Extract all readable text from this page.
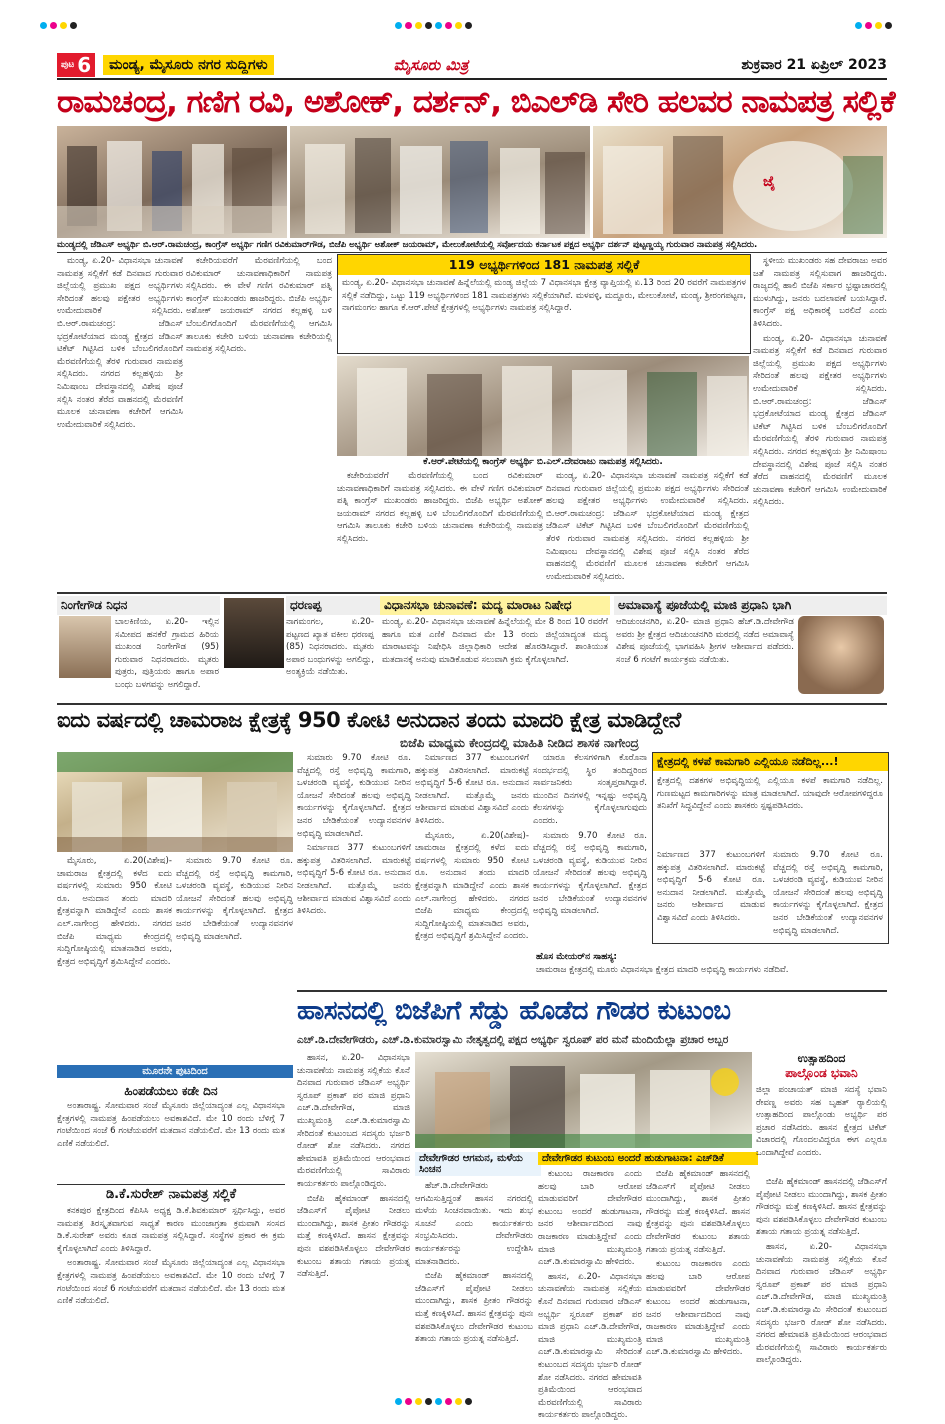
ಪುಟ 6	ಮಂಡ್ಯ, ಮೈಸೂರು ನಗರ ಸುದ್ದಿಗಳು	ಮೈಸೂರು ಮಿತ್ರ	ಶುಕ್ರವಾರ 21 ಏಪ್ರಿಲ್ 2023
ರಾಮಚಂದ್ರ, ಗಣಿಗ ರವಿ, ಅಶೋಕ್, ದರ್ಶನ್, ಬಿಎಲ್‌ಡಿ ಸೇರಿ ಹಲವರ ನಾಮಪತ್ರ ಸಲ್ಲಿಕೆ
ಜೈ
ಮಂಡ್ಯದಲ್ಲಿ ಜೆಡಿಎಸ್ ಅಭ್ಯರ್ಥಿ ಬಿ.ಆರ್.ರಾಮಚಂದ್ರ, ಕಾಂಗ್ರೆಸ್ ಅಭ್ಯರ್ಥಿ ಗಣಿಗ ರವಿಕುಮಾರ್‌ಗೌಡ, ಬಿಜೆಪಿ ಅಭ್ಯರ್ಥಿ ಅಶೋಕ್ ಜಯರಾಮ್, ಮೇಲುಕೋಟೆಯಲ್ಲಿ ಸರ್ವೋದಯ ಕರ್ನಾಟಕ ಪಕ್ಷದ ಅಭ್ಯರ್ಥಿ ದರ್ಶನ್ ಪುಟ್ಟಣ್ಣಯ್ಯ ಗುರುವಾರ ನಾಮಪತ್ರ ಸಲ್ಲಿಸಿದರು.

ಮಂಡ್ಯ, ಏ.20- ವಿಧಾನಸಭಾ ಚುನಾವಣೆ ನಾಮಪತ್ರ ಸಲ್ಲಿಕೆಗೆ ಕಡೆ ದಿನವಾದ ಗುರುವಾರ ಜಿಲ್ಲೆಯಲ್ಲಿ ಪ್ರಮುಖ ಪಕ್ಷದ ಅಭ್ಯರ್ಥಿಗಳು ಸೇರಿದಂತೆ ಹಲವು ಪಕ್ಷೇತರ ಅಭ್ಯರ್ಥಿಗಳು ಉಮೇದುವಾರಿಕೆ ಸಲ್ಲಿಸಿದರು. ಬಿ.ಆರ್.ರಾಮಚಂದ್ರ: ಜೆಡಿಎಸ್ ಭದ್ರಕೋಟೆಯಾದ ಮಂಡ್ಯ ಕ್ಷೇತ್ರದ ಜೆಡಿಎಸ್ ಟಿಕೆಟ್ ಗಿಟ್ಟಿಸಿದ ಬಳಿಕ ಬೆಂಬಲಿಗರೊಂದಿಗೆ ಮೆರವಣಿಗೆಯಲ್ಲಿ ತೆರಳಿ ಗುರುವಾರ ನಾಮಪತ್ರ ಸಲ್ಲಿಸಿದರು. ನಗರದ ಕಲ್ಲಹಳ್ಳಿಯ ಶ್ರೀ ನಿಮಿಷಾಂಬ ದೇವಸ್ಥಾನದಲ್ಲಿ ವಿಶೇಷ ಪೂಜೆ ಸಲ್ಲಿಸಿ ನಂತರ ತೆರೆದ ವಾಹನದಲ್ಲಿ ಮೆರವಣಿಗೆ ಮೂಲಕ ಚುನಾವಣಾ ಕಚೇರಿಗೆ ಆಗಮಿಸಿ ಉಮೇದುವಾರಿಕೆ ಸಲ್ಲಿಸಿದರು.

ಕಚೇರಿಯವರೆಗೆ ಮೆರವಣಿಗೆಯಲ್ಲಿ ಬಂದ ರವಿಕುಮಾರ್ ಚುನಾವಣಾಧಿಕಾರಿಗೆ ನಾಮಪತ್ರ ಸಲ್ಲಿಸಿದರು. ಈ ವೇಳೆ ಗಣಿಗ ರವಿಕುಮಾರ್ ಪತ್ನಿ ಕಾಂಗ್ರೆಸ್ ಮುಖಂಡರು ಹಾಜರಿದ್ದರು. ಬಿಜೆಪಿ ಅಭ್ಯರ್ಥಿ ಅಶೋಕ್ ಜಯರಾಮ್ ನಗರದ ಕಲ್ಲಹಳ್ಳಿ ಬಳಿ ಬೆಂಬಲಿಗರೊಂದಿಗೆ ಮೆರವಣಿಗೆಯಲ್ಲಿ ಆಗಮಿಸಿ ತಾಲೂಕು ಕಚೇರಿ ಬಳಿಯ ಚುನಾವಣಾ ಕಚೇರಿಯಲ್ಲಿ ನಾಮಪತ್ರ ಸಲ್ಲಿಸಿದರು.

119 ಅಭ್ಯರ್ಥಿಗಳಿಂದ 181 ನಾಮಪತ್ರ ಸಲ್ಲಿಕೆ
ಮಂಡ್ಯ, ಏ.20- ವಿಧಾನಸಭಾ ಚುನಾವಣೆ ಹಿನ್ನೆಲೆಯಲ್ಲಿ ಮಂಡ್ಯ ಜಿಲ್ಲೆಯ 7 ವಿಧಾನಸಭಾ ಕ್ಷೇತ್ರ ವ್ಯಾಪ್ತಿಯಲ್ಲಿ ಏ.13 ರಿಂದ 20 ರವರೆಗೆ ನಾಮಪತ್ರಗಳ ಸಲ್ಲಿಕೆ ನಡೆದಿದ್ದು, ಒಟ್ಟು 119 ಅಭ್ಯರ್ಥಿಗಳಿಂದ 181 ನಾಮಪತ್ರಗಳು ಸಲ್ಲಿಕೆಯಾಗಿವೆ. ಮಳವಳ್ಳಿ, ಮದ್ದೂರು, ಮೇಲುಕೋಟೆ, ಮಂಡ್ಯ, ಶ್ರೀರಂಗಪಟ್ಟಣ, ನಾಗಮಂಗಲ ಹಾಗೂ ಕೆ.ಆರ್.ಪೇಟೆ ಕ್ಷೇತ್ರಗಳಲ್ಲಿ ಅಭ್ಯರ್ಥಿಗಳು ನಾಮಪತ್ರ ಸಲ್ಲಿಸಿದ್ದಾರೆ.
ಕೆ.ಆರ್.ಪೇಟೆಯಲ್ಲಿ ಕಾಂಗ್ರೆಸ್ ಅಭ್ಯರ್ಥಿ ಬಿ.ಎಲ್.ದೇವರಾಜು ನಾಮಪತ್ರ ಸಲ್ಲಿಸಿದರು.

ಕಚೇರಿಯವರೆಗೆ ಮೆರವಣಿಗೆಯಲ್ಲಿ ಬಂದ ರವಿಕುಮಾರ್ ಚುನಾವಣಾಧಿಕಾರಿಗೆ ನಾಮಪತ್ರ ಸಲ್ಲಿಸಿದರು. ಈ ವೇಳೆ ಗಣಿಗ ರವಿಕುಮಾರ್ ಪತ್ನಿ ಕಾಂಗ್ರೆಸ್ ಮುಖಂಡರು ಹಾಜರಿದ್ದರು. ಬಿಜೆಪಿ ಅಭ್ಯರ್ಥಿ ಅಶೋಕ್ ಜಯರಾಮ್ ನಗರದ ಕಲ್ಲಹಳ್ಳಿ ಬಳಿ ಬೆಂಬಲಿಗರೊಂದಿಗೆ ಮೆರವಣಿಗೆಯಲ್ಲಿ ಆಗಮಿಸಿ ತಾಲೂಕು ಕಚೇರಿ ಬಳಿಯ ಚುನಾವಣಾ ಕಚೇರಿಯಲ್ಲಿ ನಾಮಪತ್ರ ಸಲ್ಲಿಸಿದರು.

ಮಂಡ್ಯ, ಏ.20- ವಿಧಾನಸಭಾ ಚುನಾವಣೆ ನಾಮಪತ್ರ ಸಲ್ಲಿಕೆಗೆ ಕಡೆ ದಿನವಾದ ಗುರುವಾರ ಜಿಲ್ಲೆಯಲ್ಲಿ ಪ್ರಮುಖ ಪಕ್ಷದ ಅಭ್ಯರ್ಥಿಗಳು ಸೇರಿದಂತೆ ಹಲವು ಪಕ್ಷೇತರ ಅಭ್ಯರ್ಥಿಗಳು ಉಮೇದುವಾರಿಕೆ ಸಲ್ಲಿಸಿದರು. ಬಿ.ಆರ್.ರಾಮಚಂದ್ರ: ಜೆಡಿಎಸ್ ಭದ್ರಕೋಟೆಯಾದ ಮಂಡ್ಯ ಕ್ಷೇತ್ರದ ಜೆಡಿಎಸ್ ಟಿಕೆಟ್ ಗಿಟ್ಟಿಸಿದ ಬಳಿಕ ಬೆಂಬಲಿಗರೊಂದಿಗೆ ಮೆರವಣಿಗೆಯಲ್ಲಿ ತೆರಳಿ ಗುರುವಾರ ನಾಮಪತ್ರ ಸಲ್ಲಿಸಿದರು. ನಗರದ ಕಲ್ಲಹಳ್ಳಿಯ ಶ್ರೀ ನಿಮಿಷಾಂಬ ದೇವಸ್ಥಾನದಲ್ಲಿ ವಿಶೇಷ ಪೂಜೆ ಸಲ್ಲಿಸಿ ನಂತರ ತೆರೆದ ವಾಹನದಲ್ಲಿ ಮೆರವಣಿಗೆ ಮೂಲಕ ಚುನಾವಣಾ ಕಚೇರಿಗೆ ಆಗಮಿಸಿ ಉಮೇದುವಾರಿಕೆ ಸಲ್ಲಿಸಿದರು.

ಸ್ಥಳೀಯ ಮುಖಂಡರು ಸಹ ದೇವರಾಜು ಅವರ ಜತೆ ನಾಮಪತ್ರ ಸಲ್ಲಿಸುವಾಗ ಹಾಜರಿದ್ದರು. ರಾಜ್ಯದಲ್ಲಿ ಹಾಲಿ ಬಿಜೆಪಿ ಸರ್ಕಾರ ಭ್ರಷ್ಟಾಚಾರದಲ್ಲಿ ಮುಳುಗಿದ್ದು, ಜನರು ಬದಲಾವಣೆ ಬಯಸಿದ್ದಾರೆ. ಕಾಂಗ್ರೆಸ್ ಪಕ್ಷ ಅಧಿಕಾರಕ್ಕೆ ಬರಲಿದೆ ಎಂದು ತಿಳಿಸಿದರು.

ಮಂಡ್ಯ, ಏ.20- ವಿಧಾನಸಭಾ ಚುನಾವಣೆ ನಾಮಪತ್ರ ಸಲ್ಲಿಕೆಗೆ ಕಡೆ ದಿನವಾದ ಗುರುವಾರ ಜಿಲ್ಲೆಯಲ್ಲಿ ಪ್ರಮುಖ ಪಕ್ಷದ ಅಭ್ಯರ್ಥಿಗಳು ಸೇರಿದಂತೆ ಹಲವು ಪಕ್ಷೇತರ ಅಭ್ಯರ್ಥಿಗಳು ಉಮೇದುವಾರಿಕೆ ಸಲ್ಲಿಸಿದರು. ಬಿ.ಆರ್.ರಾಮಚಂದ್ರ: ಜೆಡಿಎಸ್ ಭದ್ರಕೋಟೆಯಾದ ಮಂಡ್ಯ ಕ್ಷೇತ್ರದ ಜೆಡಿಎಸ್ ಟಿಕೆಟ್ ಗಿಟ್ಟಿಸಿದ ಬಳಿಕ ಬೆಂಬಲಿಗರೊಂದಿಗೆ ಮೆರವಣಿಗೆಯಲ್ಲಿ ತೆರಳಿ ಗುರುವಾರ ನಾಮಪತ್ರ ಸಲ್ಲಿಸಿದರು. ನಗರದ ಕಲ್ಲಹಳ್ಳಿಯ ಶ್ರೀ ನಿಮಿಷಾಂಬ ದೇವಸ್ಥಾನದಲ್ಲಿ ವಿಶೇಷ ಪೂಜೆ ಸಲ್ಲಿಸಿ ನಂತರ ತೆರೆದ ವಾಹನದಲ್ಲಿ ಮೆರವಣಿಗೆ ಮೂಲಕ ಚುನಾವಣಾ ಕಚೇರಿಗೆ ಆಗಮಿಸಿ ಉಮೇದುವಾರಿಕೆ ಸಲ್ಲಿಸಿದರು.

ನಿಂಗೇಗೌಡ ನಿಧನ
ಬಾಲಕಿಣಿಯ, ಏ.20- ಇಲ್ಲಿನ ಸಮೀಪದ ಹನಕೆರೆ ಗ್ರಾಮದ ಹಿರಿಯ ಮುಖಂಡ ನಿಂಗೇಗೌಡ (95) ಗುರುವಾರ ನಿಧನರಾದರು. ಮೃತರು ಪುತ್ರರು, ಪುತ್ರಿಯರು ಹಾಗೂ ಅಪಾರ ಬಂಧು ಬಳಗವನ್ನು ಅಗಲಿದ್ದಾರೆ.
ಧರಣಪ್ಪ
ನಾಗಮಂಗಲ, ಏ.20- ಪಟ್ಟಣದ ಖ್ಯಾತ ವಕೀಲ ಧರಣಪ್ಪ (85) ನಿಧನರಾದರು. ಮೃತರು ಅಪಾರ ಬಂಧುಗಳನ್ನು ಅಗಲಿದ್ದು, ಅಂತ್ಯಕ್ರಿಯೆ ನಡೆಯಿತು.
ವಿಧಾನಸಭಾ ಚುನಾವಣೆ: ಮದ್ಯ ಮಾರಾಟ ನಿಷೇಧ
ಮಂಡ್ಯ, ಏ.20- ವಿಧಾನಸಭಾ ಚುನಾವಣೆ ಹಿನ್ನೆಲೆಯಲ್ಲಿ ಮೇ 8 ರಿಂದ 10 ರವರೆಗೆ ಹಾಗೂ ಮತ ಎಣಿಕೆ ದಿನವಾದ ಮೇ 13 ರಂದು ಜಿಲ್ಲೆಯಾದ್ಯಂತ ಮದ್ಯ ಮಾರಾಟವನ್ನು ನಿಷೇಧಿಸಿ ಜಿಲ್ಲಾಧಿಕಾರಿ ಆದೇಶ ಹೊರಡಿಸಿದ್ದಾರೆ. ಶಾಂತಿಯುತ ಮತದಾನಕ್ಕೆ ಅನುವು ಮಾಡಿಕೊಡುವ ಸಲುವಾಗಿ ಕ್ರಮ ಕೈಗೊಳ್ಳಲಾಗಿದೆ.
ಅಮಾವಾಸ್ಯೆ ಪೂಜೆಯಲ್ಲಿ ಮಾಜಿ ಪ್ರಧಾನಿ ಭಾಗಿ
ಆದಿಚುಂಚನಗಿರಿ, ಏ.20- ಮಾಜಿ ಪ್ರಧಾನಿ ಹೆಚ್.ಡಿ.ದೇವೇಗೌಡ ಅವರು ಶ್ರೀ ಕ್ಷೇತ್ರದ ಆದಿಚುಂಚನಗಿರಿ ಮಠದಲ್ಲಿ ನಡೆದ ಅಮಾವಾಸ್ಯೆ ವಿಶೇಷ ಪೂಜೆಯಲ್ಲಿ ಭಾಗವಹಿಸಿ ಶ್ರೀಗಳ ಆಶೀರ್ವಾದ ಪಡೆದರು. ಸಂಜೆ 6 ಗಂಟೆಗೆ ಕಾರ್ಯಕ್ರಮ ನಡೆಯಿತು.
ಐದು ವರ್ಷದಲ್ಲಿ ಚಾಮರಾಜ ಕ್ಷೇತ್ರಕ್ಕೆ 950 ಕೋಟಿ ಅನುದಾನ ತಂದು ಮಾದರಿ ಕ್ಷೇತ್ರ ಮಾಡಿದ್ದೇನೆ
ಬಿಜೆಪಿ ಮಾಧ್ಯಮ ಕೇಂದ್ರದಲ್ಲಿ ಮಾಹಿತಿ ನೀಡಿದ ಶಾಸಕ ನಾಗೇಂದ್ರ

ಮೈಸೂರು, ಏ.20(ವಿಶೇಷ)- ಚಾಮರಾಜ ಕ್ಷೇತ್ರದಲ್ಲಿ ಕಳೆದ ಐದು ವರ್ಷಗಳಲ್ಲಿ ಸುಮಾರು 950 ಕೋಟಿ ರೂ. ಅನುದಾನ ತಂದು ಮಾದರಿ ಕ್ಷೇತ್ರವನ್ನಾಗಿ ಮಾಡಿದ್ದೇನೆ ಎಂದು ಶಾಸಕ ಎಲ್.ನಾಗೇಂದ್ರ ಹೇಳಿದರು. ನಗರದ ಬಿಜೆಪಿ ಮಾಧ್ಯಮ ಕೇಂದ್ರದಲ್ಲಿ ಸುದ್ದಿಗೋಷ್ಠಿಯಲ್ಲಿ ಮಾತನಾಡಿದ ಅವರು, ಕ್ಷೇತ್ರದ ಅಭಿವೃದ್ಧಿಗೆ ಶ್ರಮಿಸಿದ್ದೇನೆ ಎಂದರು.

ಸುಮಾರು 9.70 ಕೋಟಿ ರೂ. ವೆಚ್ಚದಲ್ಲಿ ರಸ್ತೆ ಅಭಿವೃದ್ಧಿ ಕಾಮಗಾರಿ, ಒಳಚರಂಡಿ ವ್ಯವಸ್ಥೆ, ಕುಡಿಯುವ ನೀರಿನ ಯೋಜನೆ ಸೇರಿದಂತೆ ಹಲವು ಅಭಿವೃದ್ಧಿ ಕಾರ್ಯಗಳನ್ನು ಕೈಗೊಳ್ಳಲಾಗಿದೆ. ಕ್ಷೇತ್ರದ ಜನರ ಬೇಡಿಕೆಯಂತೆ ಉದ್ಯಾನವನಗಳ ಅಭಿವೃದ್ಧಿ ಮಾಡಲಾಗಿದೆ.

ಸುಮಾರು 9.70 ಕೋಟಿ ರೂ. ವೆಚ್ಚದಲ್ಲಿ ರಸ್ತೆ ಅಭಿವೃದ್ಧಿ ಕಾಮಗಾರಿ, ಒಳಚರಂಡಿ ವ್ಯವಸ್ಥೆ, ಕುಡಿಯುವ ನೀರಿನ ಯೋಜನೆ ಸೇರಿದಂತೆ ಹಲವು ಅಭಿವೃದ್ಧಿ ಕಾರ್ಯಗಳನ್ನು ಕೈಗೊಳ್ಳಲಾಗಿದೆ. ಕ್ಷೇತ್ರದ ಜನರ ಬೇಡಿಕೆಯಂತೆ ಉದ್ಯಾನವನಗಳ ಅಭಿವೃದ್ಧಿ ಮಾಡಲಾಗಿದೆ.

ನಿರ್ಮಾಣದ 377 ಕುಟುಂಬಗಳಿಗೆ ಹಕ್ಕುಪತ್ರ ವಿತರಿಸಲಾಗಿದೆ. ಮಾರುಕಟ್ಟೆ ಅಭಿವೃದ್ಧಿಗೆ 5-6 ಕೋಟಿ ರೂ. ಅನುದಾನ ನೀಡಲಾಗಿದೆ. ಮತ್ತೊಮ್ಮೆ ಜನರು ಆಶೀರ್ವಾದ ಮಾಡುವ ವಿಶ್ವಾಸವಿದೆ ಎಂದು ತಿಳಿಸಿದರು.

ನಿರ್ಮಾಣದ 377 ಕುಟುಂಬಗಳಿಗೆ ಹಕ್ಕುಪತ್ರ ವಿತರಿಸಲಾಗಿದೆ. ಮಾರುಕಟ್ಟೆ ಅಭಿವೃದ್ಧಿಗೆ 5-6 ಕೋಟಿ ರೂ. ಅನುದಾನ ನೀಡಲಾಗಿದೆ. ಮತ್ತೊಮ್ಮೆ ಜನರು ಆಶೀರ್ವಾದ ಮಾಡುವ ವಿಶ್ವಾಸವಿದೆ ಎಂದು ತಿಳಿಸಿದರು.

ಮೈಸೂರು, ಏ.20(ವಿಶೇಷ)- ಚಾಮರಾಜ ಕ್ಷೇತ್ರದಲ್ಲಿ ಕಳೆದ ಐದು ವರ್ಷಗಳಲ್ಲಿ ಸುಮಾರು 950 ಕೋಟಿ ರೂ. ಅನುದಾನ ತಂದು ಮಾದರಿ ಕ್ಷೇತ್ರವನ್ನಾಗಿ ಮಾಡಿದ್ದೇನೆ ಎಂದು ಶಾಸಕ ಎಲ್.ನಾಗೇಂದ್ರ ಹೇಳಿದರು. ನಗರದ ಬಿಜೆಪಿ ಮಾಧ್ಯಮ ಕೇಂದ್ರದಲ್ಲಿ ಸುದ್ದಿಗೋಷ್ಠಿಯಲ್ಲಿ ಮಾತನಾಡಿದ ಅವರು, ಕ್ಷೇತ್ರದ ಅಭಿವೃದ್ಧಿಗೆ ಶ್ರಮಿಸಿದ್ದೇನೆ ಎಂದರು.

ಯಾರೂ ಕೆಲಸಗಳಿಗಾಗಿ ಕೊರೊನಾ ಸಂದರ್ಭದಲ್ಲಿ ಸ್ಥಿರ ತಂದಿದ್ದರಿಂದ ಸಾರ್ವಜನಿಕರು ಸಂತೃಪ್ತರಾಗಿದ್ದಾರೆ. ಮುಂದಿನ ದಿನಗಳಲ್ಲಿ ಇನ್ನಷ್ಟು ಅಭಿವೃದ್ಧಿ ಕೆಲಸಗಳನ್ನು ಕೈಗೊಳ್ಳಲಾಗುವುದು ಎಂದರು.

ಸುಮಾರು 9.70 ಕೋಟಿ ರೂ. ವೆಚ್ಚದಲ್ಲಿ ರಸ್ತೆ ಅಭಿವೃದ್ಧಿ ಕಾಮಗಾರಿ, ಒಳಚರಂಡಿ ವ್ಯವಸ್ಥೆ, ಕುಡಿಯುವ ನೀರಿನ ಯೋಜನೆ ಸೇರಿದಂತೆ ಹಲವು ಅಭಿವೃದ್ಧಿ ಕಾರ್ಯಗಳನ್ನು ಕೈಗೊಳ್ಳಲಾಗಿದೆ. ಕ್ಷೇತ್ರದ ಜನರ ಬೇಡಿಕೆಯಂತೆ ಉದ್ಯಾನವನಗಳ ಅಭಿವೃದ್ಧಿ ಮಾಡಲಾಗಿದೆ.

ಕ್ಷೇತ್ರದಲ್ಲಿ ಕಳಪೆ ಕಾಮಗಾರಿ ಎಲ್ಲಿಯೂ ನಡೆದಿಲ್ಲ...!
ಕ್ಷೇತ್ರದಲ್ಲಿ ದಶಕಗಳ ಅಭಿವೃದ್ಧಿಯಲ್ಲಿ ಎಲ್ಲಿಯೂ ಕಳಪೆ ಕಾಮಗಾರಿ ನಡೆದಿಲ್ಲ. ಗುಣಮಟ್ಟದ ಕಾಮಗಾರಿಗಳನ್ನು ಮಾತ್ರ ಮಾಡಲಾಗಿದೆ. ಯಾವುದೇ ಆರೋಪಗಳಿದ್ದರೂ ತನಿಖೆಗೆ ಸಿದ್ಧವಿದ್ದೇನೆ ಎಂದು ಶಾಸಕರು ಸ್ಪಷ್ಟಪಡಿಸಿದರು.
ನಿರ್ಮಾಣದ 377 ಕುಟುಂಬಗಳಿಗೆ ಹಕ್ಕುಪತ್ರ ವಿತರಿಸಲಾಗಿದೆ. ಮಾರುಕಟ್ಟೆ ಅಭಿವೃದ್ಧಿಗೆ 5-6 ಕೋಟಿ ರೂ. ಅನುದಾನ ನೀಡಲಾಗಿದೆ. ಮತ್ತೊಮ್ಮೆ ಜನರು ಆಶೀರ್ವಾದ ಮಾಡುವ ವಿಶ್ವಾಸವಿದೆ ಎಂದು ತಿಳಿಸಿದರು.
ಸುಮಾರು 9.70 ಕೋಟಿ ರೂ. ವೆಚ್ಚದಲ್ಲಿ ರಸ್ತೆ ಅಭಿವೃದ್ಧಿ ಕಾಮಗಾರಿ, ಒಳಚರಂಡಿ ವ್ಯವಸ್ಥೆ, ಕುಡಿಯುವ ನೀರಿನ ಯೋಜನೆ ಸೇರಿದಂತೆ ಹಲವು ಅಭಿವೃದ್ಧಿ ಕಾರ್ಯಗಳನ್ನು ಕೈಗೊಳ್ಳಲಾಗಿದೆ. ಕ್ಷೇತ್ರದ ಜನರ ಬೇಡಿಕೆಯಂತೆ ಉದ್ಯಾನವನಗಳ ಅಭಿವೃದ್ಧಿ ಮಾಡಲಾಗಿದೆ.
ಹೊಸ ಮೇಯರ್‌ನ ಸಾಹಸ್ಯ:
ಚಾಮರಾಜ ಕ್ಷೇತ್ರದಲ್ಲಿ ಮೂರು ವಿಧಾನಸಭಾ ಕ್ಷೇತ್ರದ ಮಾದರಿ ಅಭಿವೃದ್ಧಿ ಕಾರ್ಯಗಳು ನಡೆದಿವೆ.
ಮೂರನೇ ಪುಟದಿಂದ
ಹಿಂಪಡೆಯಲು ಕಡೇ ದಿನ

ಅಂತಾರಾಷ್ಟ್ರ. ಸೋಮವಾರ ಸಂಜೆ ಮೈಸೂರು ಜಿಲ್ಲೆಯಾದ್ಯಂತ ಎಲ್ಲ ವಿಧಾನಸಭಾ ಕ್ಷೇತ್ರಗಳಲ್ಲಿ ನಾಮಪತ್ರ ಹಿಂಪಡೆಯಲು ಅವಕಾಶವಿದೆ. ಮೇ 10 ರಂದು ಬೆಳಿಗ್ಗೆ 7 ಗಂಟೆಯಿಂದ ಸಂಜೆ 6 ಗಂಟೆಯವರೆಗೆ ಮತದಾನ ನಡೆಯಲಿದೆ. ಮೇ 13 ರಂದು ಮತ ಎಣಿಕೆ ನಡೆಯಲಿದೆ.

ಡಿ.ಕೆ.ಸುರೇಶ್ ನಾಮಪತ್ರ ಸಲ್ಲಿಕೆ

ಕನಕಪುರ ಕ್ಷೇತ್ರದಿಂದ ಕೆಪಿಸಿಸಿ ಅಧ್ಯಕ್ಷ ಡಿ.ಕೆ.ಶಿವಕುಮಾರ್ ಸ್ಪರ್ಧಿಸಿದ್ದು, ಅವರ ನಾಮಪತ್ರ ತಿರಸ್ಕೃತವಾಗುವ ಸಾಧ್ಯತೆ ಕಾರಣ ಮುಂಜಾಗ್ರತಾ ಕ್ರಮವಾಗಿ ಸಂಸದ ಡಿ.ಕೆ.ಸುರೇಶ್ ಅವರು ಕೂಡ ನಾಮಪತ್ರ ಸಲ್ಲಿಸಿದ್ದಾರೆ. ಸಂಸ್ಥೆಗಳ ಪ್ರಕಾರ ಈ ಕ್ರಮ ಕೈಗೊಳ್ಳಲಾಗಿದೆ ಎಂದು ತಿಳಿಸಿದ್ದಾರೆ.

ಅಂತಾರಾಷ್ಟ್ರ. ಸೋಮವಾರ ಸಂಜೆ ಮೈಸೂರು ಜಿಲ್ಲೆಯಾದ್ಯಂತ ಎಲ್ಲ ವಿಧಾನಸಭಾ ಕ್ಷೇತ್ರಗಳಲ್ಲಿ ನಾಮಪತ್ರ ಹಿಂಪಡೆಯಲು ಅವಕಾಶವಿದೆ. ಮೇ 10 ರಂದು ಬೆಳಿಗ್ಗೆ 7 ಗಂಟೆಯಿಂದ ಸಂಜೆ 6 ಗಂಟೆಯವರೆಗೆ ಮತದಾನ ನಡೆಯಲಿದೆ. ಮೇ 13 ರಂದು ಮತ ಎಣಿಕೆ ನಡೆಯಲಿದೆ.

ಹಾಸನದಲ್ಲಿ ಬಿಜೆಪಿಗೆ ಸೆಡ್ಡು ಹೊಡೆದ ಗೌಡರ ಕುಟುಂಬ
ಎಚ್.ಡಿ.ದೇವೇಗೌಡರು, ಎಚ್.ಡಿ.ಕುಮಾರಸ್ವಾಮಿ ನೇತೃತ್ವದಲ್ಲಿ ಪಕ್ಷದ ಅಭ್ಯರ್ಥಿ ಸ್ವರೂಪ್ ಪರ ಮನೆ ಮಂದಿಯೆಲ್ಲಾ ಪ್ರಚಾರ ಅಬ್ಬರ

ಹಾಸನ, ಏ.20- ವಿಧಾನಸಭಾ ಚುನಾವಣೆಯ ನಾಮಪತ್ರ ಸಲ್ಲಿಕೆಯ ಕೊನೆ ದಿನವಾದ ಗುರುವಾರ ಜೆಡಿಎಸ್ ಅಭ್ಯರ್ಥಿ ಸ್ವರೂಪ್ ಪ್ರಕಾಶ್ ಪರ ಮಾಜಿ ಪ್ರಧಾನಿ ಎಚ್.ಡಿ.ದೇವೇಗೌಡ, ಮಾಜಿ ಮುಖ್ಯಮಂತ್ರಿ ಎಚ್.ಡಿ.ಕುಮಾರಸ್ವಾಮಿ ಸೇರಿದಂತೆ ಕುಟುಂಬದ ಸದಸ್ಯರು ಭರ್ಜರಿ ರೋಡ್ ಶೋ ನಡೆಸಿದರು. ನಗರದ ಹೇಮಾವತಿ ಪ್ರತಿಮೆಯಿಂದ ಆರಂಭವಾದ ಮೆರವಣಿಗೆಯಲ್ಲಿ ಸಾವಿರಾರು ಕಾರ್ಯಕರ್ತರು ಪಾಲ್ಗೊಂಡಿದ್ದರು.

ಬಿಜೆಪಿ ಹೈಕಮಾಂಡ್ ಹಾಸನದಲ್ಲಿ ಜೆಡಿಎಸ್‌ಗೆ ಪೈಪೋಟಿ ನೀಡಲು ಮುಂದಾಗಿದ್ದು, ಶಾಸಕ ಪ್ರೀತಂ ಗೌಡರನ್ನು ಮತ್ತೆ ಕಣಕ್ಕಿಳಿಸಿದೆ. ಹಾಸನ ಕ್ಷೇತ್ರವನ್ನು ಪುನಃ ವಶಪಡಿಸಿಕೊಳ್ಳಲು ದೇವೇಗೌಡರ ಕುಟುಂಬ ಶತಾಯ ಗತಾಯ ಪ್ರಯತ್ನ ನಡೆಸುತ್ತಿದೆ.

ದೇವೇಗೌಡರ ಆಗಮನ, ಮಳೆಯ ಸಿಂಚನ

ಹೆಚ್.ಡಿ.ದೇವೇಗೌಡರು ಆಗಮಿಸುತ್ತಿದ್ದಂತೆ ಹಾಸನ ನಗರದಲ್ಲಿ ಮಳೆಯ ಸಿಂಚನವಾಯಿತು. ಇದು ಶುಭ ಸೂಚನೆ ಎಂದು ಕಾರ್ಯಕರ್ತರು ಸಂಭ್ರಮಿಸಿದರು. ದೇವೇಗೌಡರು ಕಾರ್ಯಕರ್ತರನ್ನು ಉದ್ದೇಶಿಸಿ ಮಾತನಾಡಿದರು.

ಬಿಜೆಪಿ ಹೈಕಮಾಂಡ್ ಹಾಸನದಲ್ಲಿ ಜೆಡಿಎಸ್‌ಗೆ ಪೈಪೋಟಿ ನೀಡಲು ಮುಂದಾಗಿದ್ದು, ಶಾಸಕ ಪ್ರೀತಂ ಗೌಡರನ್ನು ಮತ್ತೆ ಕಣಕ್ಕಿಳಿಸಿದೆ. ಹಾಸನ ಕ್ಷೇತ್ರವನ್ನು ಪುನಃ ವಶಪಡಿಸಿಕೊಳ್ಳಲು ದೇವೇಗೌಡರ ಕುಟುಂಬ ಶತಾಯ ಗತಾಯ ಪ್ರಯತ್ನ ನಡೆಸುತ್ತಿದೆ.

ದೇವೇಗೌಡರ ಕುಟುಂಬ ಅಂದರೆ ಹುಡುಗಾಟನಾ: ಎಚ್‌ಡಿಕೆ

ಕುಟುಂಬ ರಾಜಕಾರಣ ಎಂದು ಹಲವು ಬಾರಿ ಆರೋಪ ಮಾಡುವವರಿಗೆ ದೇವೇಗೌಡರ ಕುಟುಂಬ ಅಂದರೆ ಹುಡುಗಾಟನಾ, ಜನರ ಆಶೀರ್ವಾದದಿಂದ ನಾವು ರಾಜಕಾರಣ ಮಾಡುತ್ತಿದ್ದೇವೆ ಎಂದು ಮಾಜಿ ಮುಖ್ಯಮಂತ್ರಿ ಎಚ್.ಡಿ.ಕುಮಾರಸ್ವಾಮಿ ಹೇಳಿದರು.

ಹಾಸನ, ಏ.20- ವಿಧಾನಸಭಾ ಚುನಾವಣೆಯ ನಾಮಪತ್ರ ಸಲ್ಲಿಕೆಯ ಕೊನೆ ದಿನವಾದ ಗುರುವಾರ ಜೆಡಿಎಸ್ ಅಭ್ಯರ್ಥಿ ಸ್ವರೂಪ್ ಪ್ರಕಾಶ್ ಪರ ಮಾಜಿ ಪ್ರಧಾನಿ ಎಚ್.ಡಿ.ದೇವೇಗೌಡ, ಮಾಜಿ ಮುಖ್ಯಮಂತ್ರಿ ಎಚ್.ಡಿ.ಕುಮಾರಸ್ವಾಮಿ ಸೇರಿದಂತೆ ಕುಟುಂಬದ ಸದಸ್ಯರು ಭರ್ಜರಿ ರೋಡ್ ಶೋ ನಡೆಸಿದರು. ನಗರದ ಹೇಮಾವತಿ ಪ್ರತಿಮೆಯಿಂದ ಆರಂಭವಾದ ಮೆರವಣಿಗೆಯಲ್ಲಿ ಸಾವಿರಾರು ಕಾರ್ಯಕರ್ತರು ಪಾಲ್ಗೊಂಡಿದ್ದರು.

ಬಿಜೆಪಿ ಹೈಕಮಾಂಡ್ ಹಾಸನದಲ್ಲಿ ಜೆಡಿಎಸ್‌ಗೆ ಪೈಪೋಟಿ ನೀಡಲು ಮುಂದಾಗಿದ್ದು, ಶಾಸಕ ಪ್ರೀತಂ ಗೌಡರನ್ನು ಮತ್ತೆ ಕಣಕ್ಕಿಳಿಸಿದೆ. ಹಾಸನ ಕ್ಷೇತ್ರವನ್ನು ಪುನಃ ವಶಪಡಿಸಿಕೊಳ್ಳಲು ದೇವೇಗೌಡರ ಕುಟುಂಬ ಶತಾಯ ಗತಾಯ ಪ್ರಯತ್ನ ನಡೆಸುತ್ತಿದೆ.

ಕುಟುಂಬ ರಾಜಕಾರಣ ಎಂದು ಹಲವು ಬಾರಿ ಆರೋಪ ಮಾಡುವವರಿಗೆ ದೇವೇಗೌಡರ ಕುಟುಂಬ ಅಂದರೆ ಹುಡುಗಾಟನಾ, ಜನರ ಆಶೀರ್ವಾದದಿಂದ ನಾವು ರಾಜಕಾರಣ ಮಾಡುತ್ತಿದ್ದೇವೆ ಎಂದು ಮಾಜಿ ಮುಖ್ಯಮಂತ್ರಿ ಎಚ್.ಡಿ.ಕುಮಾರಸ್ವಾಮಿ ಹೇಳಿದರು.

ಉತ್ಸಾಹದಿಂದ
ಪಾಲ್ಗೊಂಡ ಭವಾನಿ
ಜಿಲ್ಲಾ ಪಂಚಾಯತ್ ಮಾಜಿ ಸದಸ್ಯೆ ಭವಾನಿ ರೇವಣ್ಣ ಅವರು ಸಹ ಬೃಹತ್ ರ‍್ಯಾಲಿಯಲ್ಲಿ ಉತ್ಸಾಹದಿಂದ ಪಾಲ್ಗೊಂಡು ಅಭ್ಯರ್ಥಿ ಪರ ಪ್ರಚಾರ ನಡೆಸಿದರು. ಹಾಸನ ಕ್ಷೇತ್ರದ ಟಿಕೆಟ್ ವಿಚಾರದಲ್ಲಿ ಗೊಂದಲವಿದ್ದರೂ ಈಗ ಎಲ್ಲರೂ ಒಂದಾಗಿದ್ದೇವೆ ಎಂದರು.

ಬಿಜೆಪಿ ಹೈಕಮಾಂಡ್ ಹಾಸನದಲ್ಲಿ ಜೆಡಿಎಸ್‌ಗೆ ಪೈಪೋಟಿ ನೀಡಲು ಮುಂದಾಗಿದ್ದು, ಶಾಸಕ ಪ್ರೀತಂ ಗೌಡರನ್ನು ಮತ್ತೆ ಕಣಕ್ಕಿಳಿಸಿದೆ. ಹಾಸನ ಕ್ಷೇತ್ರವನ್ನು ಪುನಃ ವಶಪಡಿಸಿಕೊಳ್ಳಲು ದೇವೇಗೌಡರ ಕುಟುಂಬ ಶತಾಯ ಗತಾಯ ಪ್ರಯತ್ನ ನಡೆಸುತ್ತಿದೆ.

ಹಾಸನ, ಏ.20- ವಿಧಾನಸಭಾ ಚುನಾವಣೆಯ ನಾಮಪತ್ರ ಸಲ್ಲಿಕೆಯ ಕೊನೆ ದಿನವಾದ ಗುರುವಾರ ಜೆಡಿಎಸ್ ಅಭ್ಯರ್ಥಿ ಸ್ವರೂಪ್ ಪ್ರಕಾಶ್ ಪರ ಮಾಜಿ ಪ್ರಧಾನಿ ಎಚ್.ಡಿ.ದೇವೇಗೌಡ, ಮಾಜಿ ಮುಖ್ಯಮಂತ್ರಿ ಎಚ್.ಡಿ.ಕುಮಾರಸ್ವಾಮಿ ಸೇರಿದಂತೆ ಕುಟುಂಬದ ಸದಸ್ಯರು ಭರ್ಜರಿ ರೋಡ್ ಶೋ ನಡೆಸಿದರು. ನಗರದ ಹೇಮಾವತಿ ಪ್ರತಿಮೆಯಿಂದ ಆರಂಭವಾದ ಮೆರವಣಿಗೆಯಲ್ಲಿ ಸಾವಿರಾರು ಕಾರ್ಯಕರ್ತರು ಪಾಲ್ಗೊಂಡಿದ್ದರು.
